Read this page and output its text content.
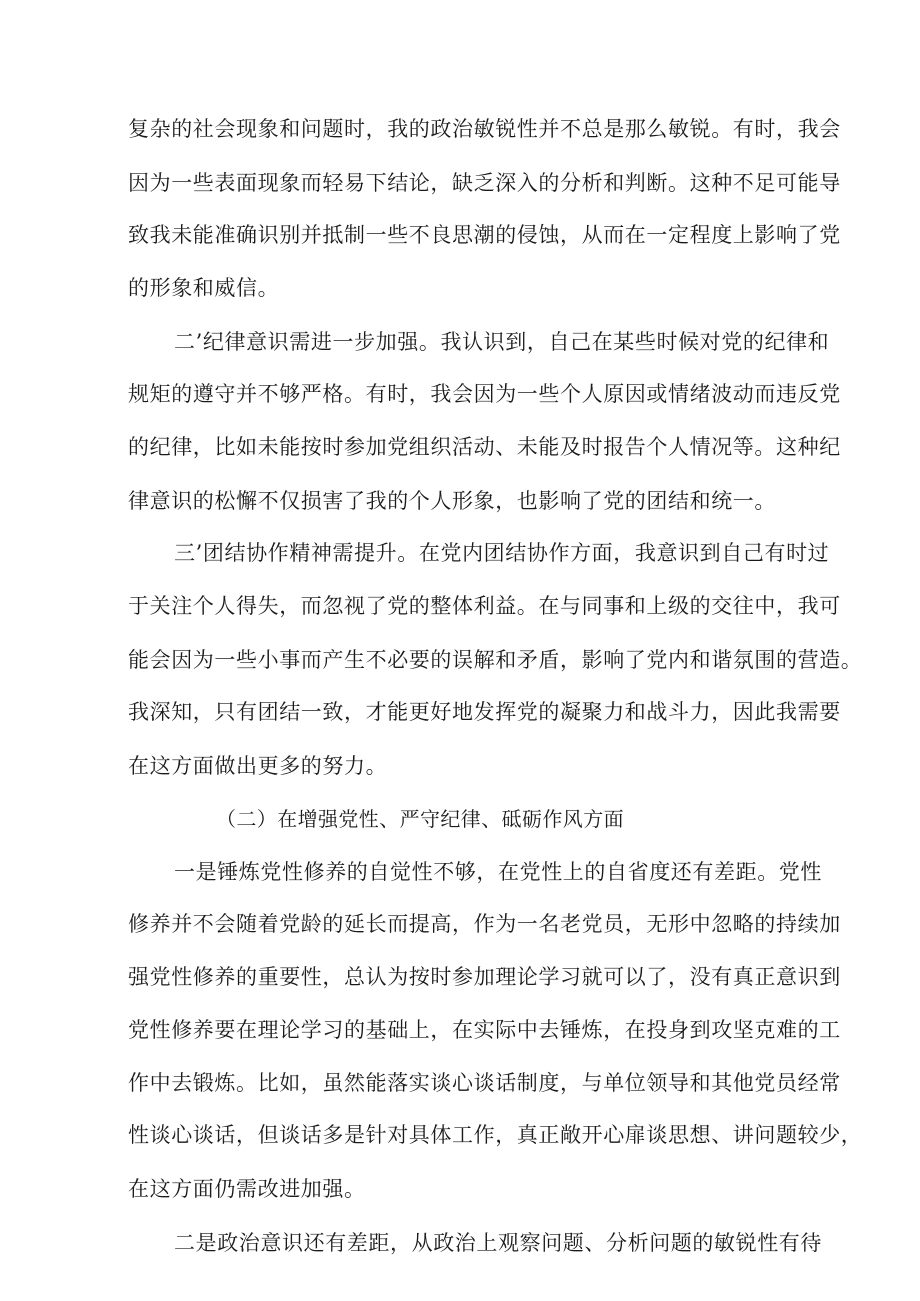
复杂的社会现象和问题时，我的政治敏锐性并不总是那么敏锐。有时，我会
因为一些表面现象而轻易下结论，缺乏深入的分析和判断。这种不足可能导
致我未能准确识别并抵制一些不良思潮的侵蚀，从而在一定程度上影响了党
的形象和威信。
二’纪律意识需进一步加强。我认识到，自己在某些时候对党的纪律和
规矩的遵守并不够严格。有时，我会因为一些个人原因或情绪波动而违反党
的纪律，比如未能按时参加党组织活动、未能及时报告个人情况等。这种纪
律意识的松懈不仅损害了我的个人形象，也影响了党的团结和统一。
三’团结协作精神需提升。在党内团结协作方面，我意识到自己有时过
于关注个人得失，而忽视了党的整体利益。在与同事和上级的交往中，我可
能会因为一些小事而产生不必要的误解和矛盾，影响了党内和谐氛围的营造。
我深知，只有团结一致，才能更好地发挥党的凝聚力和战斗力，因此我需要
在这方面做出更多的努力。
（二）在增强党性、严守纪律、砥砺作风方面
一是锤炼党性修养的自觉性不够，在党性上的自省度还有差距。党性
修养并不会随着党龄的延长而提高，作为一名老党员，无形中忽略的持续加
强党性修养的重要性，总认为按时参加理论学习就可以了，没有真正意识到
党性修养要在理论学习的基础上，在实际中去锤炼，在投身到攻坚克难的工
作中去锻炼。比如，虽然能落实谈心谈话制度，与单位领导和其他党员经常
性谈心谈话，但谈话多是针对具体工作，真正敞开心扉谈思想、讲问题较少，
在这方面仍需改进加强。
二是政治意识还有差距，从政治上观察问题、分析问题的敏锐性有待
